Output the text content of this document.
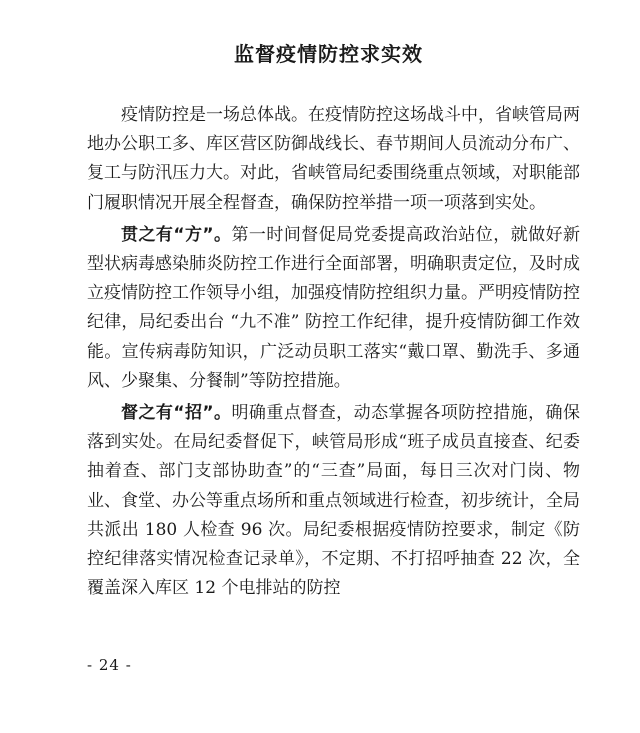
监督疫情防控求实效

疫情防控是一场总体战。在疫情防控这场战斗中，省峡管局两地办公职工多、库区营区防御战线长、春节期间人员流动分布广、复工与防汛压力大。对此，省峡管局纪委围绕重点领域，对职能部门履职情况开展全程督查，确保防控举措一项一项落到实处。

贯之有“方”。第一时间督促局党委提高政治站位，就做好新型状病毒感染肺炎防控工作进行全面部署，明确职责定位，及时成立疫情防控工作领导小组，加强疫情防控组织力量。严明疫情防控纪律，局纪委出台 “九不准” 防控工作纪律，提升疫情防御工作效能。宣传病毒防知识，广泛动员职工落实“戴口罩、勤洗手、多通风、少聚集、分餐制”等防控措施。

督之有“招”。明确重点督查，动态掌握各项防控措施，确保落到实处。在局纪委督促下，峡管局形成“班子成员直接查、纪委抽着查、部门支部协助查”的“三查”局面，每日三次对门岗、物业、食堂、办公等重点场所和重点领域进行检查，初步统计，全局共派出 180 人检查 96 次。局纪委根据疫情防控要求，制定《防控纪律落实情况检查记录单》，不定期、不打招呼抽查 22 次，全覆盖深入库区 12 个电排站的防控

- 24 -
